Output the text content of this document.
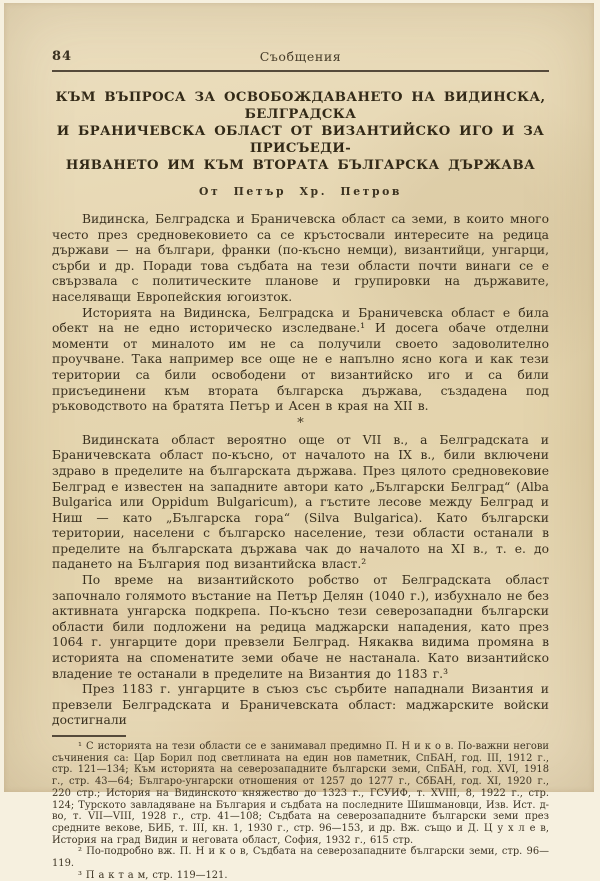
84	Съобщения
КЪМ ВЪПРОСА ЗА ОСВОБОЖДАВАНЕТО НА ВИДИНСКА, БЕЛГРАДСКА
И БРАНИЧЕВСКА ОБЛАСТ ОТ ВИЗАНТИЙСКО ИГО И ЗА ПРИСЪЕДИ-
НЯВАНЕТО ИМ КЪМ ВТОРАТА БЪЛГАРСКА ДЪРЖАВА
От Петър Хр. Петров

Видинска, Белградска и Браничевска област са земи, в които много често през средновековието са се кръстосвали интересите на редица държави — на българи, франки (по-късно немци), византийци, унгарци, сърби и др. Поради това съдбата на тези области почти винаги се е свързвала с политическите планове и групировки на държавите, населяващи Европейския югоизток.

Историята на Видинска, Белградска и Браничевска област е била обект на не едно историческо изследване.¹ И досега обаче отделни моменти от миналото им не са получили своето задоволително проучване. Така например все още не е напълно ясно кога и как тези територии са били освободени от византийско иго и са били присъединени към втората българска държава, създадена под ръководството на братята Петър и Асен в края на XII в.

*

Видинската област вероятно още от VII в., а Белградската и Браничевската област по-късно, от началото на IX в., били включени здраво в пределите на българската държава. През цялото средновековие Белград е известен на западните автори като „Български Белград“ (Alba Bulgarica или Oppidum Bulgaricum), а гъстите лесове между Белград и Ниш — като „Българска гора“ (Silva Bulgarica). Като български територии, населени с българско население, тези области останали в пределите на българската държава чак до началото на XI в., т. е. до падането на България под византийска власт.²

По време на византийското робство от Белградската област започнало голямото въстание на Петър Делян (1040 г.), избухнало не без активната унгарска подкрепа. По-късно тези северозападни български области били подложени на редица маджарски нападения, като през 1064 г. унгарците дори превзели Белград. Някаква видима промяна в историята на споменатите земи обаче не настанала. Като византийско владение те останали в пределите на Византия до 1183 г.³

През 1183 г. унгарците в съюз със сърбите нападнали Византия и превзели Белградската и Браничевската област: маджарските войски достигнали

¹ С историята на тези области се е занимавал предимно П. Н и к о в. По-важни негови съчинения са: Цар Борил под светлината на един нов паметник, СпБАН, год. III, 1912 г., стр. 121—134; Към историята на северозападните български земи, СпБАН, год. XVI, 1918 г., стр. 43—64; Българо-унгарски отношения от 1257 до 1277 г., СбБАН, год. XI, 1920 г., 220 стр.; История на Видинското княжество до 1323 г., ГСУИФ, т. XVIII, 8, 1922 г., стр. 124; Турското завладяване на България и съдбата на последните Шишмановци, Изв. Ист. д-во, т. VII—VIII, 1928 г., стр. 41—108; Съдбата на северозападните български земи през средните векове, БИБ, т. III, кн. 1, 1930 г., стр. 96—153, и др. Вж. също и Д. Ц у х л е в, История на град Видин и неговата област, София, 1932 г., 615 стр.

² По-подробно вж. П. Н и к о в, Съдбата на северозападните български земи, стр. 96—119.

³ П а к т а м, стр. 119—121.
